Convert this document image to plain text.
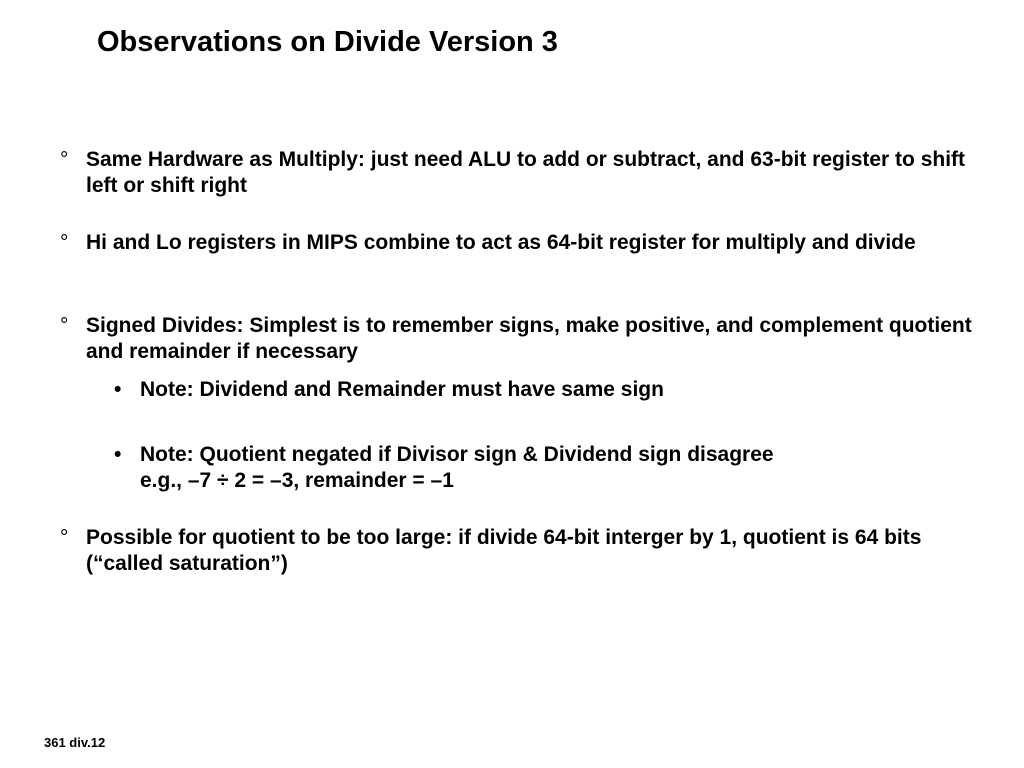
Observations on Divide Version 3
° Same Hardware as Multiply: just need ALU to add or subtract, and 63-bit register to shift left or shift right
° Hi and Lo registers in MIPS combine to act as 64-bit register for multiply and divide
° Signed Divides: Simplest is to remember signs, make positive, and complement quotient and remainder if necessary
• Note: Dividend and Remainder must have same sign
• Note: Quotient negated if Divisor sign & Dividend sign disagree
e.g., –7 ÷ 2 = –3, remainder = –1
° Possible for quotient to be too large: if divide 64-bit interger by 1, quotient is 64 bits (“called saturation”)
361 div.12
